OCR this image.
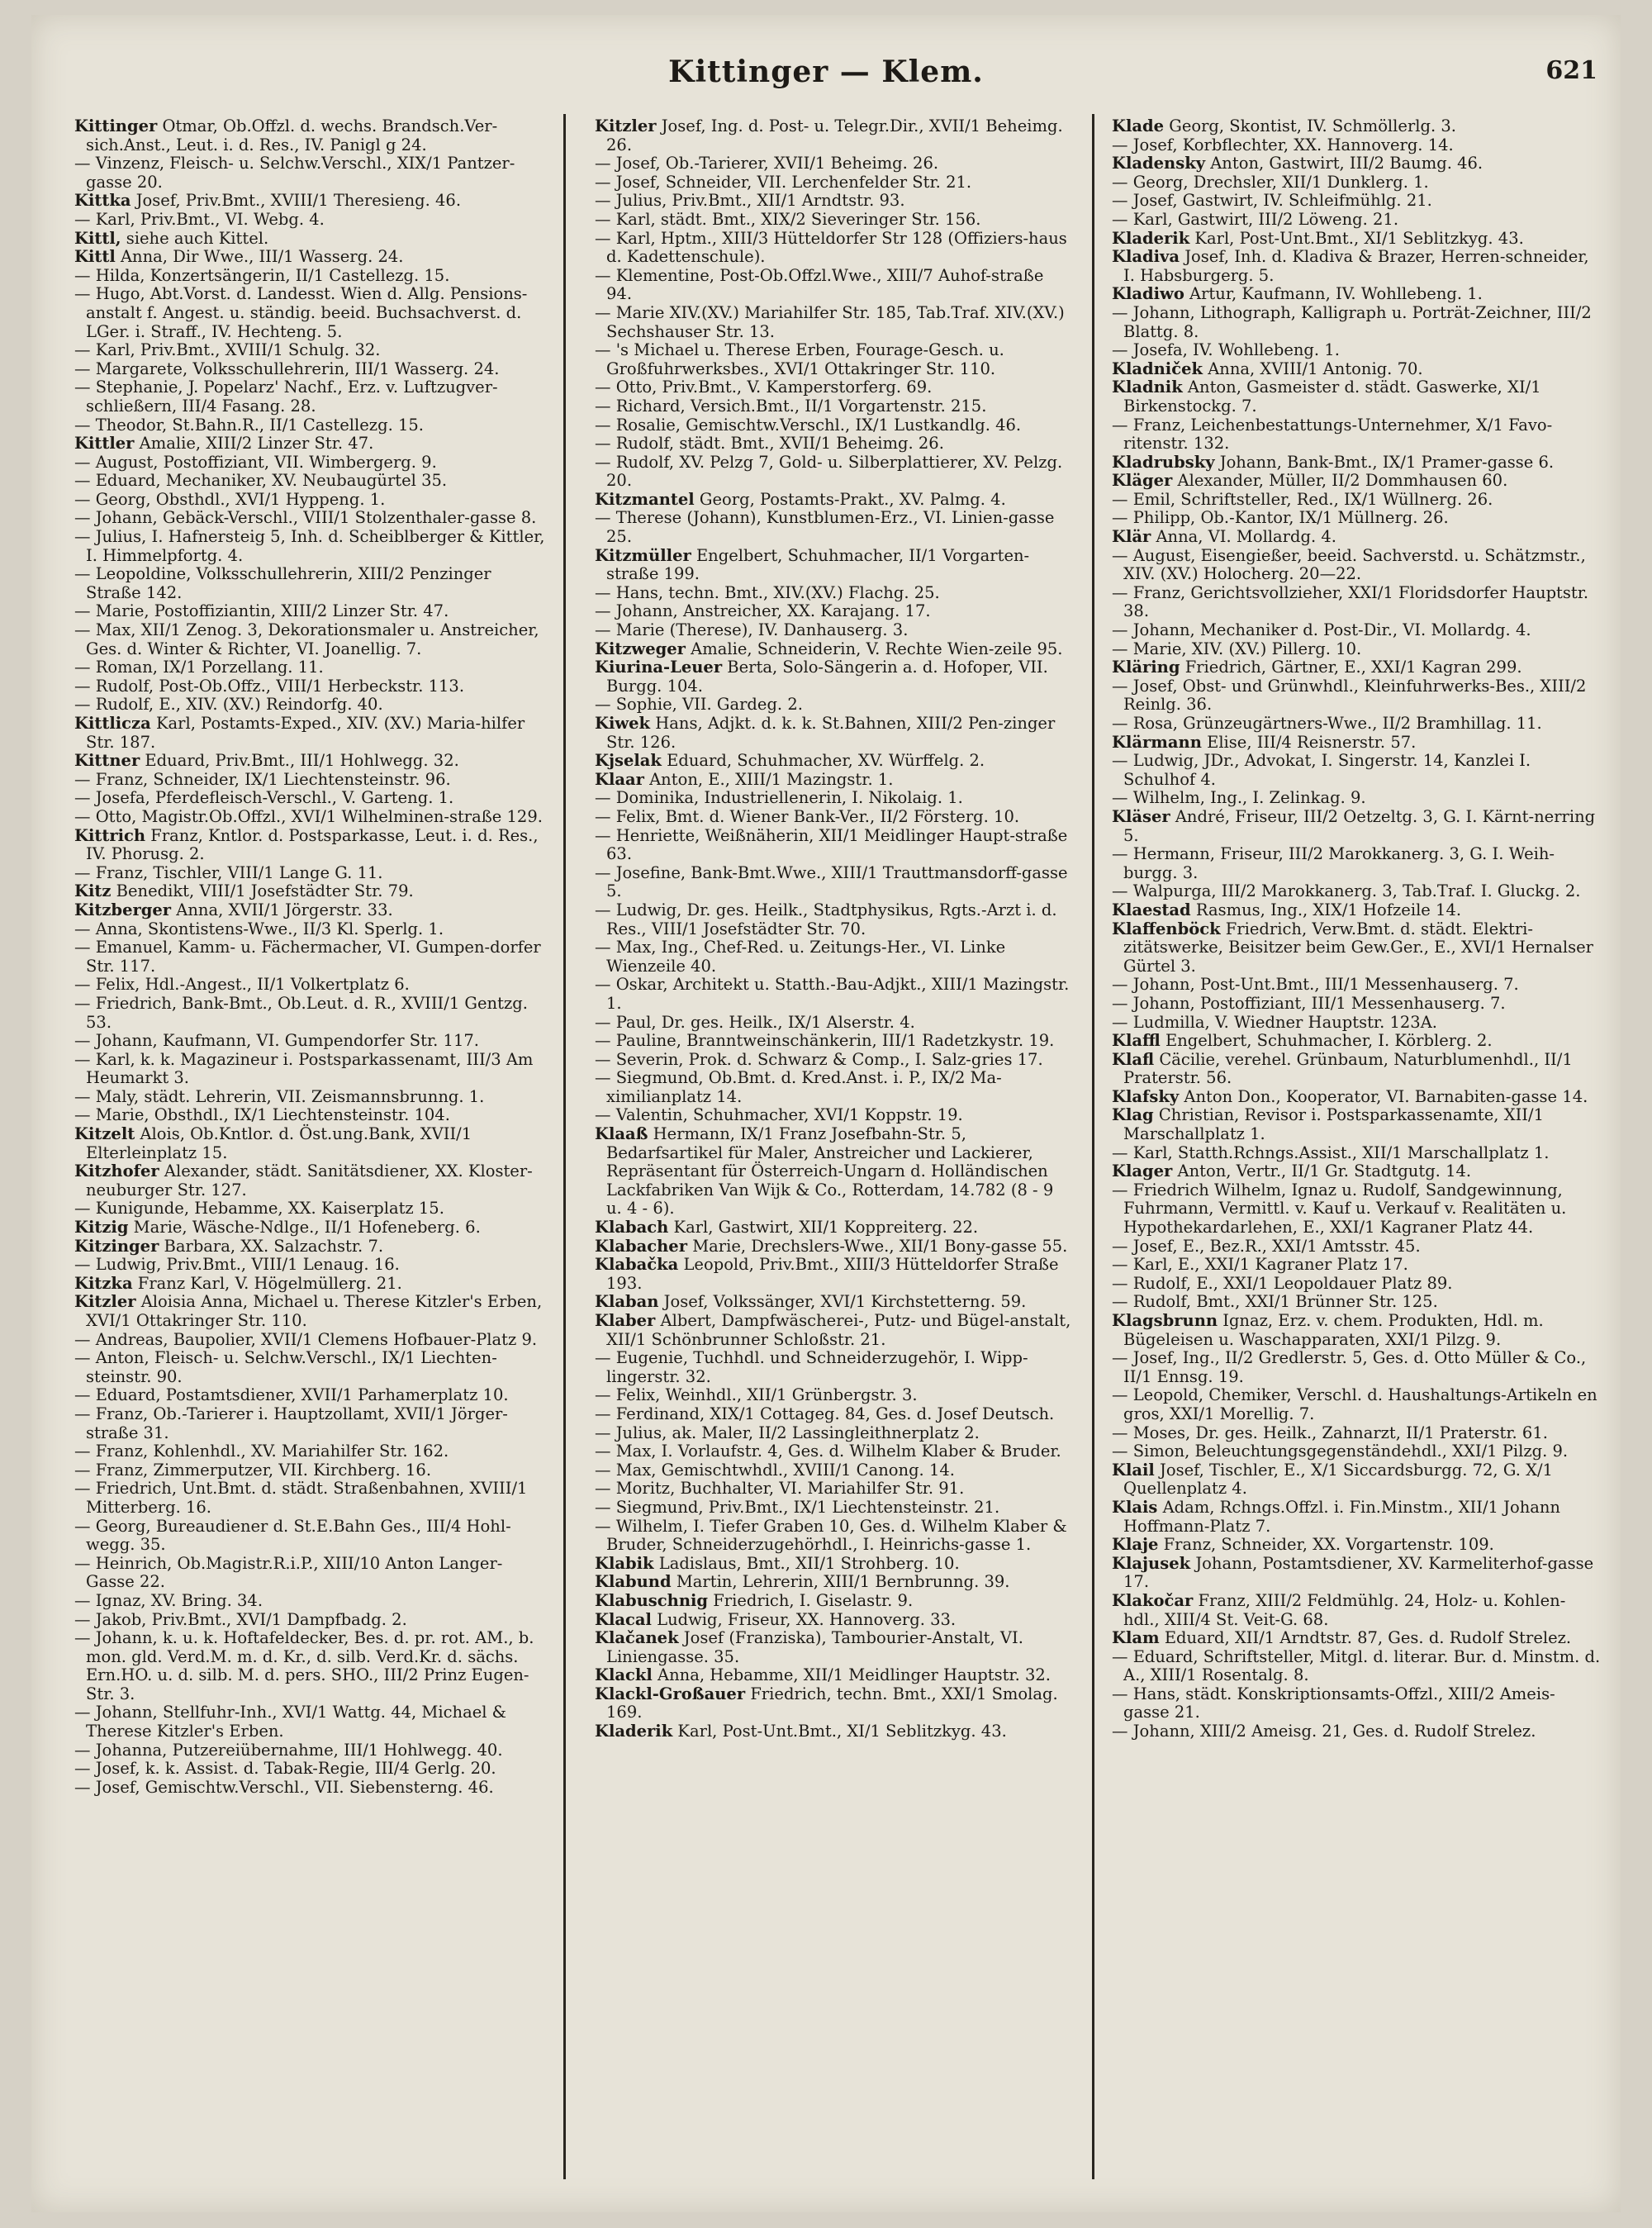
Kittinger — Klem.	621

Kittinger Otmar, Ob.Offzl. d. wechs. Brandsch.Ver-sich.Anst., Leut. i. d. Res., IV. Panigl g 24.

— Vinzenz, Fleisch- u. Selchw.Verschl., XIX/1 Pantzer-gasse 20.

Kittka Josef, Priv.Bmt., XVIII/1 Theresieng. 46.

— Karl, Priv.Bmt., VI. Webg. 4.

Kittl, siehe auch Kittel.

Kittl Anna, Dir Wwe., III/1 Wasserg. 24.

— Hilda, Konzertsängerin, II/1 Castellezg. 15.

— Hugo, Abt.Vorst. d. Landesst. Wien d. Allg. Pensions-anstalt f. Angest. u. ständig. beeid. Buchsachverst. d. LGer. i. Straff., IV. Hechteng. 5.

— Karl, Priv.Bmt., XVIII/1 Schulg. 32.

— Margarete, Volksschullehrerin, III/1 Wasserg. 24.

— Stephanie, J. Popelarz' Nachf., Erz. v. Luftzugver-schließern, III/4 Fasang. 28.

— Theodor, St.Bahn.R., II/1 Castellezg. 15.

Kittler Amalie, XIII/2 Linzer Str. 47.

— August, Postoffiziant, VII. Wimbergerg. 9.

— Eduard, Mechaniker, XV. Neubaugürtel 35.

— Georg, Obsthdl., XVI/1 Hyppeng. 1.

— Johann, Gebäck-Verschl., VIII/1 Stolzenthaler-gasse 8.

— Julius, I. Hafnersteig 5, Inh. d. Scheiblberger & Kittler, I. Himmelpfortg. 4.

— Leopoldine, Volksschullehrerin, XIII/2 Penzinger Straße 142.

— Marie, Postoffiziantin, XIII/2 Linzer Str. 47.

— Max, XII/1 Zenog. 3, Dekorationsmaler u. Anstreicher, Ges. d. Winter & Richter, VI. Joanellig. 7.

— Roman, IX/1 Porzellang. 11.

— Rudolf, Post-Ob.Offz., VIII/1 Herbeckstr. 113.

— Rudolf, E., XIV. (XV.) Reindorfg. 40.

Kittlicza Karl, Postamts-Exped., XIV. (XV.) Maria-hilfer Str. 187.

Kittner Eduard, Priv.Bmt., III/1 Hohlwegg. 32.

— Franz, Schneider, IX/1 Liechtensteinstr. 96.

— Josefa, Pferdefleisch-Verschl., V. Garteng. 1.

— Otto, Magistr.Ob.Offzl., XVI/1 Wilhelminen-straße 129.

Kittrich Franz, Kntlor. d. Postsparkasse, Leut. i. d. Res., IV. Phorusg. 2.

— Franz, Tischler, VIII/1 Lange G. 11.

Kitz Benedikt, VIII/1 Josefstädter Str. 79.

Kitzberger Anna, XVII/1 Jörgerstr. 33.

— Anna, Skontistens-Wwe., II/3 Kl. Sperlg. 1.

— Emanuel, Kamm- u. Fächermacher, VI. Gumpen-dorfer Str. 117.

— Felix, Hdl.-Angest., II/1 Volkertplatz 6.

— Friedrich, Bank-Bmt., Ob.Leut. d. R., XVIII/1 Gentzg. 53.

— Johann, Kaufmann, VI. Gumpendorfer Str. 117.

— Karl, k. k. Magazineur i. Postsparkassenamt, III/3 Am Heumarkt 3.

— Maly, städt. Lehrerin, VII. Zeismannsbrunng. 1.

— Marie, Obsthdl., IX/1 Liechtensteinstr. 104.

Kitzelt Alois, Ob.Kntlor. d. Öst.ung.Bank, XVII/1 Elterleinplatz 15.

Kitzhofer Alexander, städt. Sanitätsdiener, XX. Kloster-neuburger Str. 127.

— Kunigunde, Hebamme, XX. Kaiserplatz 15.

Kitzig Marie, Wäsche-Ndlge., II/1 Hofeneberg. 6.

Kitzinger Barbara, XX. Salzachstr. 7.

— Ludwig, Priv.Bmt., VIII/1 Lenaug. 16.

Kitzka Franz Karl, V. Högelmüllerg. 21.

Kitzler Aloisia Anna, Michael u. Therese Kitzler's Erben, XVI/1 Ottakringer Str. 110.

— Andreas, Baupolier, XVII/1 Clemens Hofbauer-Platz 9.

— Anton, Fleisch- u. Selchw.Verschl., IX/1 Liechten-steinstr. 90.

— Eduard, Postamtsdiener, XVII/1 Parhamerplatz 10.

— Franz, Ob.-Tarierer i. Hauptzollamt, XVII/1 Jörger-straße 31.

— Franz, Kohlenhdl., XV. Mariahilfer Str. 162.

— Franz, Zimmerputzer, VII. Kirchberg. 16.

— Friedrich, Unt.Bmt. d. städt. Straßenbahnen, XVIII/1 Mitterberg. 16.

— Georg, Bureaudiener d. St.E.Bahn Ges., III/4 Hohl-wegg. 35.

— Heinrich, Ob.Magistr.R.i.P., XIII/10 Anton Langer-Gasse 22.

— Ignaz, XV. Bring. 34.

— Jakob, Priv.Bmt., XVI/1 Dampfbadg. 2.

— Johann, k. u. k. Hoftafeldecker, Bes. d. pr. rot. AM., b. mon. gld. Verd.M. m. d. Kr., d. silb. Verd.Kr. d. sächs. Ern.HO. u. d. silb. M. d. pers. SHO., III/2 Prinz Eugen-Str. 3.

— Johann, Stellfuhr-Inh., XVI/1 Wattg. 44, Michael & Therese Kitzler's Erben.

— Johanna, Putzereiübernahme, III/1 Hohlwegg. 40.

— Josef, k. k. Assist. d. Tabak-Regie, III/4 Gerlg. 20.

— Josef, Gemischtw.Verschl., VII. Siebensterng. 46.

Kitzler Josef, Ing. d. Post- u. Telegr.Dir., XVII/1 Beheimg. 26.

— Josef, Ob.-Tarierer, XVII/1 Beheimg. 26.

— Josef, Schneider, VII. Lerchenfelder Str. 21.

— Julius, Priv.Bmt., XII/1 Arndtstr. 93.

— Karl, städt. Bmt., XIX/2 Sieveringer Str. 156.

— Karl, Hptm., XIII/3 Hütteldorfer Str 128 (Offiziers-haus d. Kadettenschule).

— Klementine, Post-Ob.Offzl.Wwe., XIII/7 Auhof-straße 94.

— Marie XIV.(XV.) Mariahilfer Str. 185, Tab.Traf. XIV.(XV.) Sechshauser Str. 13.

— 's Michael u. Therese Erben, Fourage-Gesch. u. Großfuhrwerksbes., XVI/1 Ottakringer Str. 110.

— Otto, Priv.Bmt., V. Kamperstorferg. 69.

— Richard, Versich.Bmt., II/1 Vorgartenstr. 215.

— Rosalie, Gemischtw.Verschl., IX/1 Lustkandlg. 46.

— Rudolf, städt. Bmt., XVII/1 Beheimg. 26.

— Rudolf, XV. Pelzg 7, Gold- u. Silberplattierer, XV. Pelzg. 20.

Kitzmantel Georg, Postamts-Prakt., XV. Palmg. 4.

— Therese (Johann), Kunstblumen-Erz., VI. Linien-gasse 25.

Kitzmüller Engelbert, Schuhmacher, II/1 Vorgarten-straße 199.

— Hans, techn. Bmt., XIV.(XV.) Flachg. 25.

— Johann, Anstreicher, XX. Karajang. 17.

— Marie (Therese), IV. Danhauserg. 3.

Kitzweger Amalie, Schneiderin, V. Rechte Wien-zeile 95.

Kiurina-Leuer Berta, Solo-Sängerin a. d. Hofoper, VII. Burgg. 104.

— Sophie, VII. Gardeg. 2.

Kiwek Hans, Adjkt. d. k. k. St.Bahnen, XIII/2 Pen-zinger Str. 126.

Kjselak Eduard, Schuhmacher, XV. Würffelg. 2.

Klaar Anton, E., XIII/1 Mazingstr. 1.

— Dominika, Industriellenerin, I. Nikolaig. 1.

— Felix, Bmt. d. Wiener Bank-Ver., II/2 Försterg. 10.

— Henriette, Weißnäherin, XII/1 Meidlinger Haupt-straße 63.

— Josefine, Bank-Bmt.Wwe., XIII/1 Trauttmansdorff-gasse 5.

— Ludwig, Dr. ges. Heilk., Stadtphysikus, Rgts.-Arzt i. d. Res., VIII/1 Josefstädter Str. 70.

— Max, Ing., Chef-Red. u. Zeitungs-Her., VI. Linke Wienzeile 40.

— Oskar, Architekt u. Statth.-Bau-Adjkt., XIII/1 Mazingstr. 1.

— Paul, Dr. ges. Heilk., IX/1 Alserstr. 4.

— Pauline, Branntweinschänkerin, III/1 Radetzkystr. 19.

— Severin, Prok. d. Schwarz & Comp., I. Salz-gries 17.

— Siegmund, Ob.Bmt. d. Kred.Anst. i. P., IX/2 Ma-ximilianplatz 14.

— Valentin, Schuhmacher, XVI/1 Koppstr. 19.

Klaaß Hermann, IX/1 Franz Josefbahn-Str. 5, Bedarfsartikel für Maler, Anstreicher und Lackierer, Repräsentant für Österreich-Ungarn d. Holländischen Lackfabriken Van Wijk & Co., Rotterdam, 14.782 (8 - 9 u. 4 - 6).

Klabach Karl, Gastwirt, XII/1 Koppreiterg. 22.

Klabacher Marie, Drechslers-Wwe., XII/1 Bony-gasse 55.

Klabačka Leopold, Priv.Bmt., XIII/3 Hütteldorfer Straße 193.

Klaban Josef, Volkssänger, XVI/1 Kirchstetterng. 59.

Klaber Albert, Dampfwäscherei-, Putz- und Bügel-anstalt, XII/1 Schönbrunner Schloßstr. 21.

— Eugenie, Tuchhdl. und Schneiderzugehör, I. Wipp-lingerstr. 32.

— Felix, Weinhdl., XII/1 Grünbergstr. 3.

— Ferdinand, XIX/1 Cottageg. 84, Ges. d. Josef Deutsch.

— Julius, ak. Maler, II/2 Lassingleithnerplatz 2.

— Max, I. Vorlaufstr. 4, Ges. d. Wilhelm Klaber & Bruder.

— Max, Gemischtwhdl., XVIII/1 Canong. 14.

— Moritz, Buchhalter, VI. Mariahilfer Str. 91.

— Siegmund, Priv.Bmt., IX/1 Liechtensteinstr. 21.

— Wilhelm, I. Tiefer Graben 10, Ges. d. Wilhelm Klaber & Bruder, Schneiderzugehörhdl., I. Heinrichs-gasse 1.

Klabik Ladislaus, Bmt., XII/1 Strohberg. 10.

Klabund Martin, Lehrerin, XIII/1 Bernbrunng. 39.

Klabuschnig Friedrich, I. Giselastr. 9.

Klacal Ludwig, Friseur, XX. Hannoverg. 33.

Klačanek Josef (Franziska), Tambourier-Anstalt, VI. Liniengasse. 35.

Klackl Anna, Hebamme, XII/1 Meidlinger Hauptstr. 32.

Klackl-Großauer Friedrich, techn. Bmt., XXI/1 Smolag. 169.

Kladerik Karl, Post-Unt.Bmt., XI/1 Seblitzkyg. 43.

Klade Georg, Skontist, IV. Schmöllerlg. 3.

— Josef, Korbflechter, XX. Hannoverg. 14.

Kladensky Anton, Gastwirt, III/2 Baumg. 46.

— Georg, Drechsler, XII/1 Dunklerg. 1.

— Josef, Gastwirt, IV. Schleifmühlg. 21.

— Karl, Gastwirt, III/2 Löweng. 21.

Kladerik Karl, Post-Unt.Bmt., XI/1 Seblitzkyg. 43.

Kladiva Josef, Inh. d. Kladiva & Brazer, Herren-schneider, I. Habsburgerg. 5.

Kladiwo Artur, Kaufmann, IV. Wohllebeng. 1.

— Johann, Lithograph, Kalligraph u. Porträt-Zeichner, III/2 Blattg. 8.

— Josefa, IV. Wohllebeng. 1.

Kladniček Anna, XVIII/1 Antonig. 70.

Kladnik Anton, Gasmeister d. städt. Gaswerke, XI/1 Birkenstockg. 7.

— Franz, Leichenbestattungs-Unternehmer, X/1 Favo-ritenstr. 132.

Kladrubsky Johann, Bank-Bmt., IX/1 Pramer-gasse 6.

Kläger Alexander, Müller, II/2 Dommhausen 60.

— Emil, Schriftsteller, Red., IX/1 Wüllnerg. 26.

— Philipp, Ob.-Kantor, IX/1 Müllnerg. 26.

Klär Anna, VI. Mollardg. 4.

— August, Eisengießer, beeid. Sachverstd. u. Schätzmstr., XIV. (XV.) Holocherg. 20—22.

— Franz, Gerichtsvollzieher, XXI/1 Floridsdorfer Hauptstr. 38.

— Johann, Mechaniker d. Post-Dir., VI. Mollardg. 4.

— Marie, XIV. (XV.) Pillerg. 10.

Kläring Friedrich, Gärtner, E., XXI/1 Kagran 299.

— Josef, Obst- und Grünwhdl., Kleinfuhrwerks-Bes., XIII/2 Reinlg. 36.

— Rosa, Grünzeugärtners-Wwe., II/2 Bramhillag. 11.

Klärmann Elise, III/4 Reisnerstr. 57.

— Ludwig, JDr., Advokat, I. Singerstr. 14, Kanzlei I. Schulhof 4.

— Wilhelm, Ing., I. Zelinkag. 9.

Kläser André, Friseur, III/2 Oetzeltg. 3, G. I. Kärnt-nerring 5.

— Hermann, Friseur, III/2 Marokkanerg. 3, G. I. Weih-burgg. 3.

— Walpurga, III/2 Marokkanerg. 3, Tab.Traf. I. Gluckg. 2.

Klaestad Rasmus, Ing., XIX/1 Hofzeile 14.

Klaffenböck Friedrich, Verw.Bmt. d. städt. Elektri-zitätswerke, Beisitzer beim Gew.Ger., E., XVI/1 Hernalser Gürtel 3.

— Johann, Post-Unt.Bmt., III/1 Messenhauserg. 7.

— Johann, Postoffiziant, III/1 Messenhauserg. 7.

— Ludmilla, V. Wiedner Hauptstr. 123A.

Klaffl Engelbert, Schuhmacher, I. Körblerg. 2.

Klafl Cäcilie, verehel. Grünbaum, Naturblumenhdl., II/1 Praterstr. 56.

Klafsky Anton Don., Kooperator, VI. Barnabiten-gasse 14.

Klag Christian, Revisor i. Postsparkassenamte, XII/1 Marschallplatz 1.

— Karl, Statth.Rchngs.Assist., XII/1 Marschallplatz 1.

Klager Anton, Vertr., II/1 Gr. Stadtgutg. 14.

— Friedrich Wilhelm, Ignaz u. Rudolf, Sandgewinnung, Fuhrmann, Vermittl. v. Kauf u. Verkauf v. Realitäten u. Hypothekardarlehen, E., XXI/1 Kagraner Platz 44.

— Josef, E., Bez.R., XXI/1 Amtsstr. 45.

— Karl, E., XXI/1 Kagraner Platz 17.

— Rudolf, E., XXI/1 Leopoldauer Platz 89.

— Rudolf, Bmt., XXI/1 Brünner Str. 125.

Klagsbrunn Ignaz, Erz. v. chem. Produkten, Hdl. m. Bügeleisen u. Waschapparaten, XXI/1 Pilzg. 9.

— Josef, Ing., II/2 Gredlerstr. 5, Ges. d. Otto Müller & Co., II/1 Ennsg. 19.

— Leopold, Chemiker, Verschl. d. Haushaltungs-Artikeln en gros, XXI/1 Morellig. 7.

— Moses, Dr. ges. Heilk., Zahnarzt, II/1 Praterstr. 61.

— Simon, Beleuchtungsgegenständehdl., XXI/1 Pilzg. 9.

Klail Josef, Tischler, E., X/1 Siccardsburgg. 72, G. X/1 Quellenplatz 4.

Klais Adam, Rchngs.Offzl. i. Fin.Minstm., XII/1 Johann Hoffmann-Platz 7.

Klaje Franz, Schneider, XX. Vorgartenstr. 109.

Klajusek Johann, Postamtsdiener, XV. Karmeliterhof-gasse 17.

Klakočar Franz, XIII/2 Feldmühlg. 24, Holz- u. Kohlen-hdl., XIII/4 St. Veit-G. 68.

Klam Eduard, XII/1 Arndtstr. 87, Ges. d. Rudolf Strelez.

— Eduard, Schriftsteller, Mitgl. d. literar. Bur. d. Minstm. d. A., XIII/1 Rosentalg. 8.

— Hans, städt. Konskriptionsamts-Offzl., XIII/2 Ameis-gasse 21.

— Johann, XIII/2 Ameisg. 21, Ges. d. Rudolf Strelez.
